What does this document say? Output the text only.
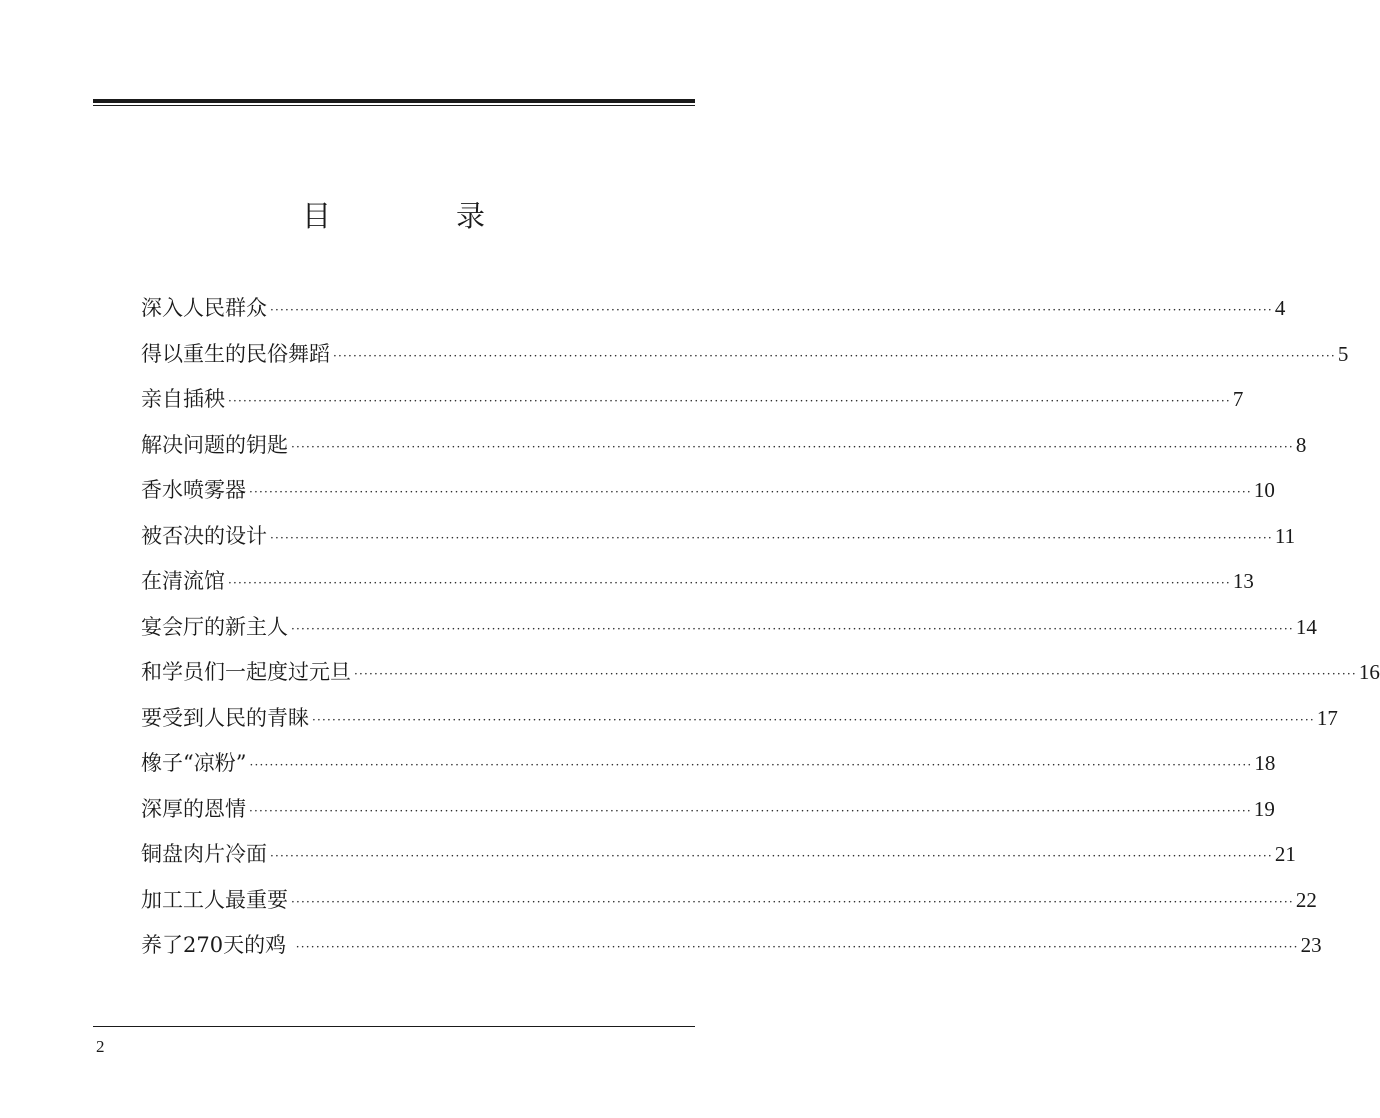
目　录
深入人民群众 ········································································································································································································ 4
得以重生的民俗舞蹈 ········································································································································································································ 5
亲自插秧 ········································································································································································································ 7
解决问题的钥匙 ········································································································································································································ 8
香水喷雾器 ········································································································································································································ 10
被否决的设计 ········································································································································································································ 11
在清流馆 ········································································································································································································ 13
宴会厅的新主人 ········································································································································································································ 14
和学员们一起度过元旦 ········································································································································································································ 16
要受到人民的青睐 ········································································································································································································ 17
橡子“凉粉” ········································································································································································································ 18
深厚的恩情 ········································································································································································································ 19
铜盘肉片冷面 ········································································································································································································ 21
加工工人最重要 ········································································································································································································ 22
养了270天的鸡 ········································································································································································································ 23
2
